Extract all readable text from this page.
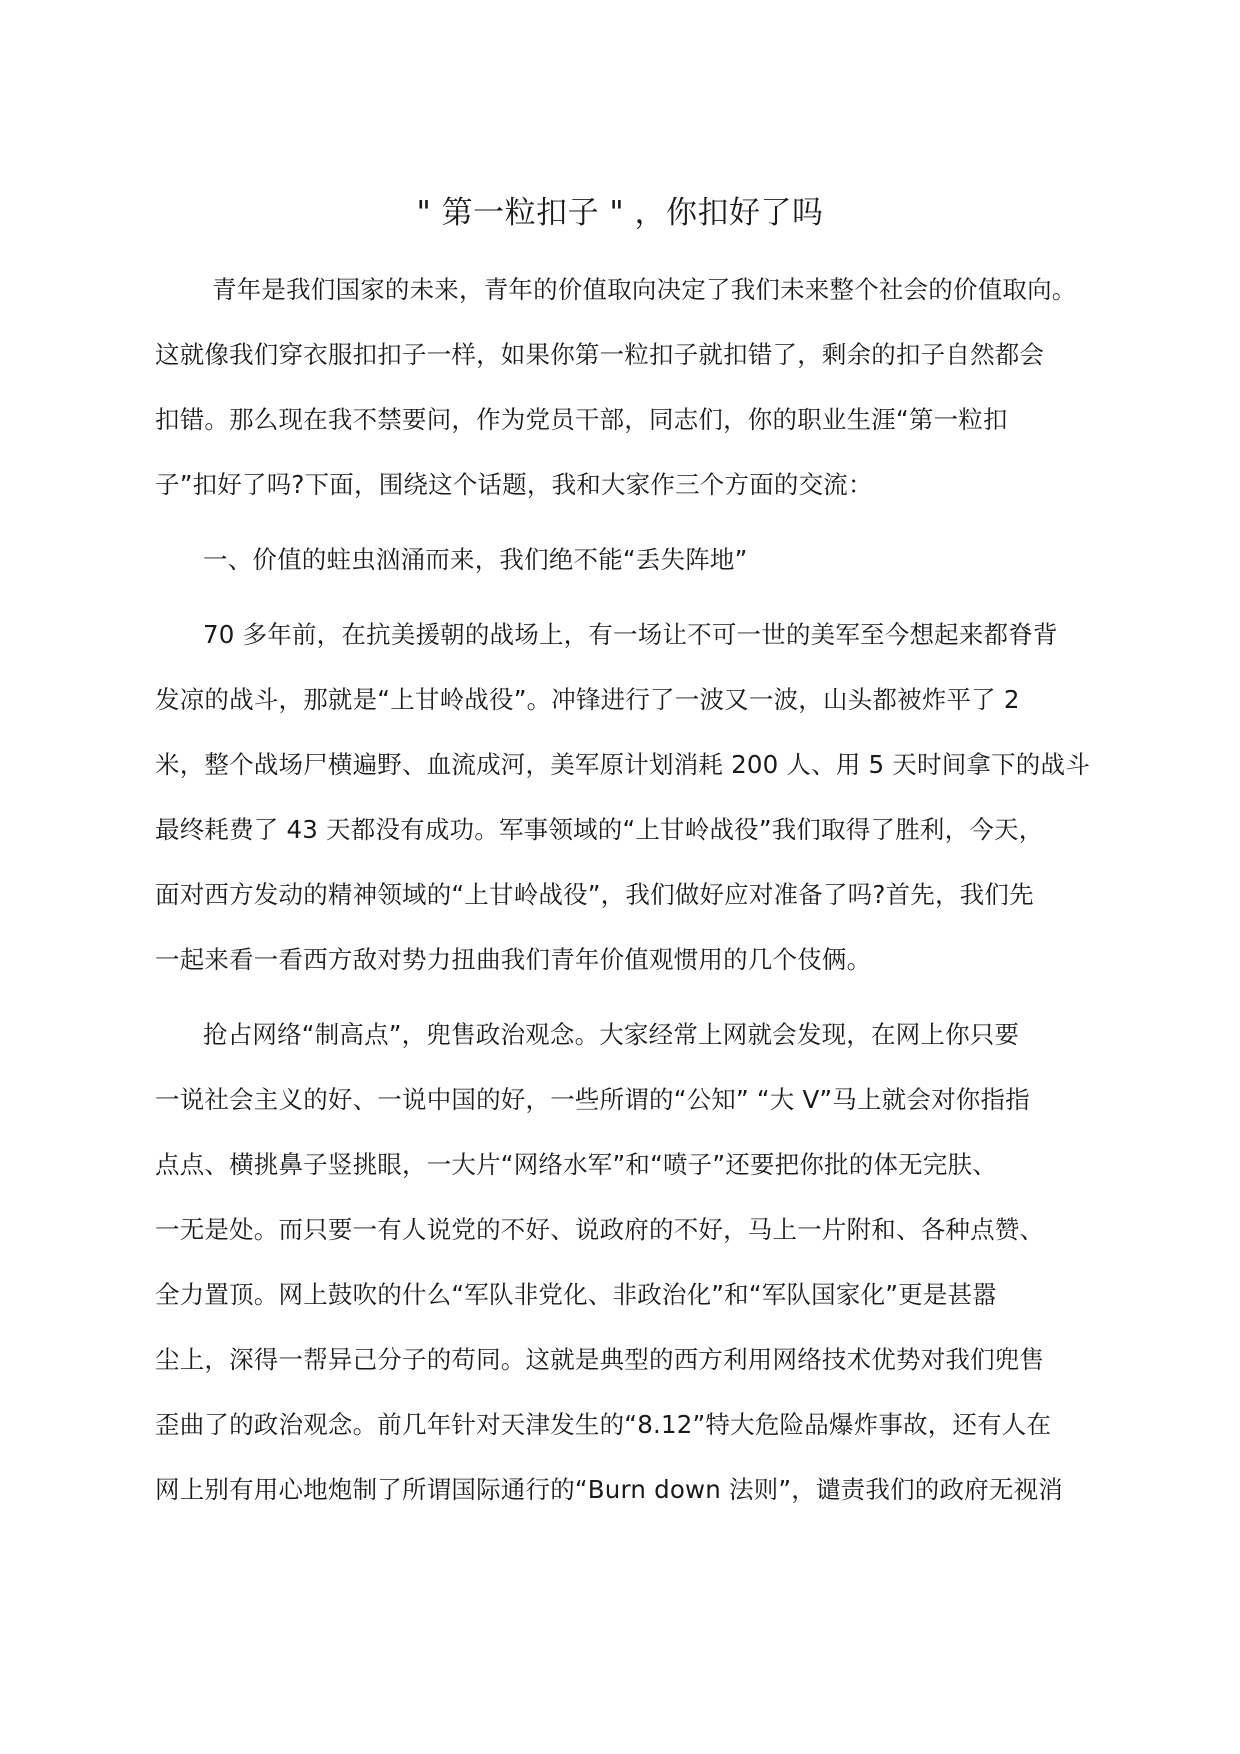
" 第一粒扣子 " ，你扣好了吗
青年是我们国家的未来，青年的价值取向决定了我们未来整个社会的价值取向。
这就像我们穿衣服扣扣子一样，如果你第一粒扣子就扣错了，剩余的扣子自然都会
扣错。那么现在我不禁要问，作为党员干部，同志们，你的职业生涯“第一粒扣
子”扣好了吗?下面，围绕这个话题，我和大家作三个方面的交流：
一、价值的蛀虫汹涌而来，我们绝不能“丢失阵地”
70 多年前，在抗美援朝的战场上，有一场让不可一世的美军至今想起来都脊背
发凉的战斗，那就是“上甘岭战役”。冲锋进行了一波又一波，山头都被炸平了 2
米，整个战场尸横遍野、血流成河，美军原计划消耗 200 人、用 5 天时间拿下的战斗
最终耗费了 43 天都没有成功。军事领域的“上甘岭战役”我们取得了胜利，今天，
面对西方发动的精神领域的“上甘岭战役”，我们做好应对准备了吗?首先，我们先
一起来看一看西方敌对势力扭曲我们青年价值观惯用的几个伎俩。
抢占网络“制高点”，兜售政治观念。大家经常上网就会发现，在网上你只要
一说社会主义的好、一说中国的好，一些所谓的“公知” “大 V”马上就会对你指指
点点、横挑鼻子竖挑眼，一大片“网络水军”和“喷子”还要把你批的体无完肤、
一无是处。而只要一有人说党的不好、说政府的不好，马上一片附和、各种点赞、
全力置顶。网上鼓吹的什么“军队非党化、非政治化”和“军队国家化”更是甚嚣
尘上，深得一帮异己分子的苟同。这就是典型的西方利用网络技术优势对我们兜售
歪曲了的政治观念。前几年针对天津发生的“8.12”特大危险品爆炸事故，还有人在
网上别有用心地炮制了所谓国际通行的“Burn down 法则”，谴责我们的政府无视消
